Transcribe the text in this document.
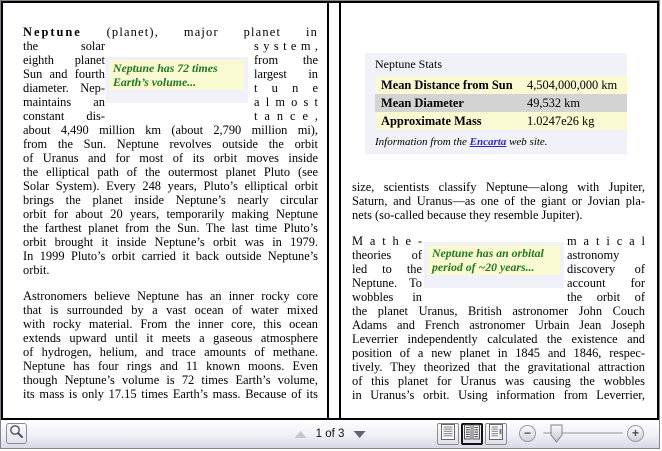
Neptune (planet), major planet in
the solar	s y s t e m ,
eighth planet	from the
Sun and fourth	largest in
diameter. Nep-	t u n e
maintains an	a l m o s t
constant dis-	t a n c e ,
Neptune has 72 times Earth’s volume...
about 4,490 million km (about 2,790 million mi),
from the Sun. Neptune revolves outside the orbit
of Uranus and for most of its orbit moves inside
the elliptical path of the outermost planet Pluto (see
Solar System). Every 248 years, Pluto’s elliptical orbit
brings the planet inside Neptune’s nearly circular
orbit for about 20 years, temporarily making Neptune
the farthest planet from the Sun. The last time Pluto’s
orbit brought it inside Neptune’s orbit was in 1979.
In 1999 Pluto’s orbit carried it back outside Neptune’s
orbit.
Astronomers believe Neptune has an inner rocky core
that is surrounded by a vast ocean of water mixed
with rocky material. From the inner core, this ocean
extends upward until it meets a gaseous atmosphere
of hydrogen, helium, and trace amounts of methane.
Neptune has four rings and 11 known moons. Even
though Neptune’s volume is 72 times Earth’s volume,
its mass is only 17.15 times Earth’s mass. Because of its
Neptune Stats
Mean Distance from Sun	4,504,000,000 km
Mean Diameter	49,532 km
Approximate Mass	1.0247e26 kg
Information from the Encarta web site.
size, scientists classify Neptune—along with Jupiter,
Saturn, and Uranus—as one of the giant or Jovian pla-
nets (so-called because they resemble Jupiter).
M a t h e -	m a t i c a l
theories of	astronomy
led to the	discovery of
Neptune. To	account for
wobbles in	the orbit of
Neptune has an orbital period of ~20 years...
the planet Uranus, British astronomer John Couch
Adams and French astronomer Urbain Jean Joseph
Leverrier independently calculated the existence and
position of a new planet in 1845 and 1846, respec-
tively. They theorized that the gravitational attraction
of this planet for Uranus was causing the wobbles
in Uranus’s orbit. Using information from Leverrier,
1 of 3	−	+
